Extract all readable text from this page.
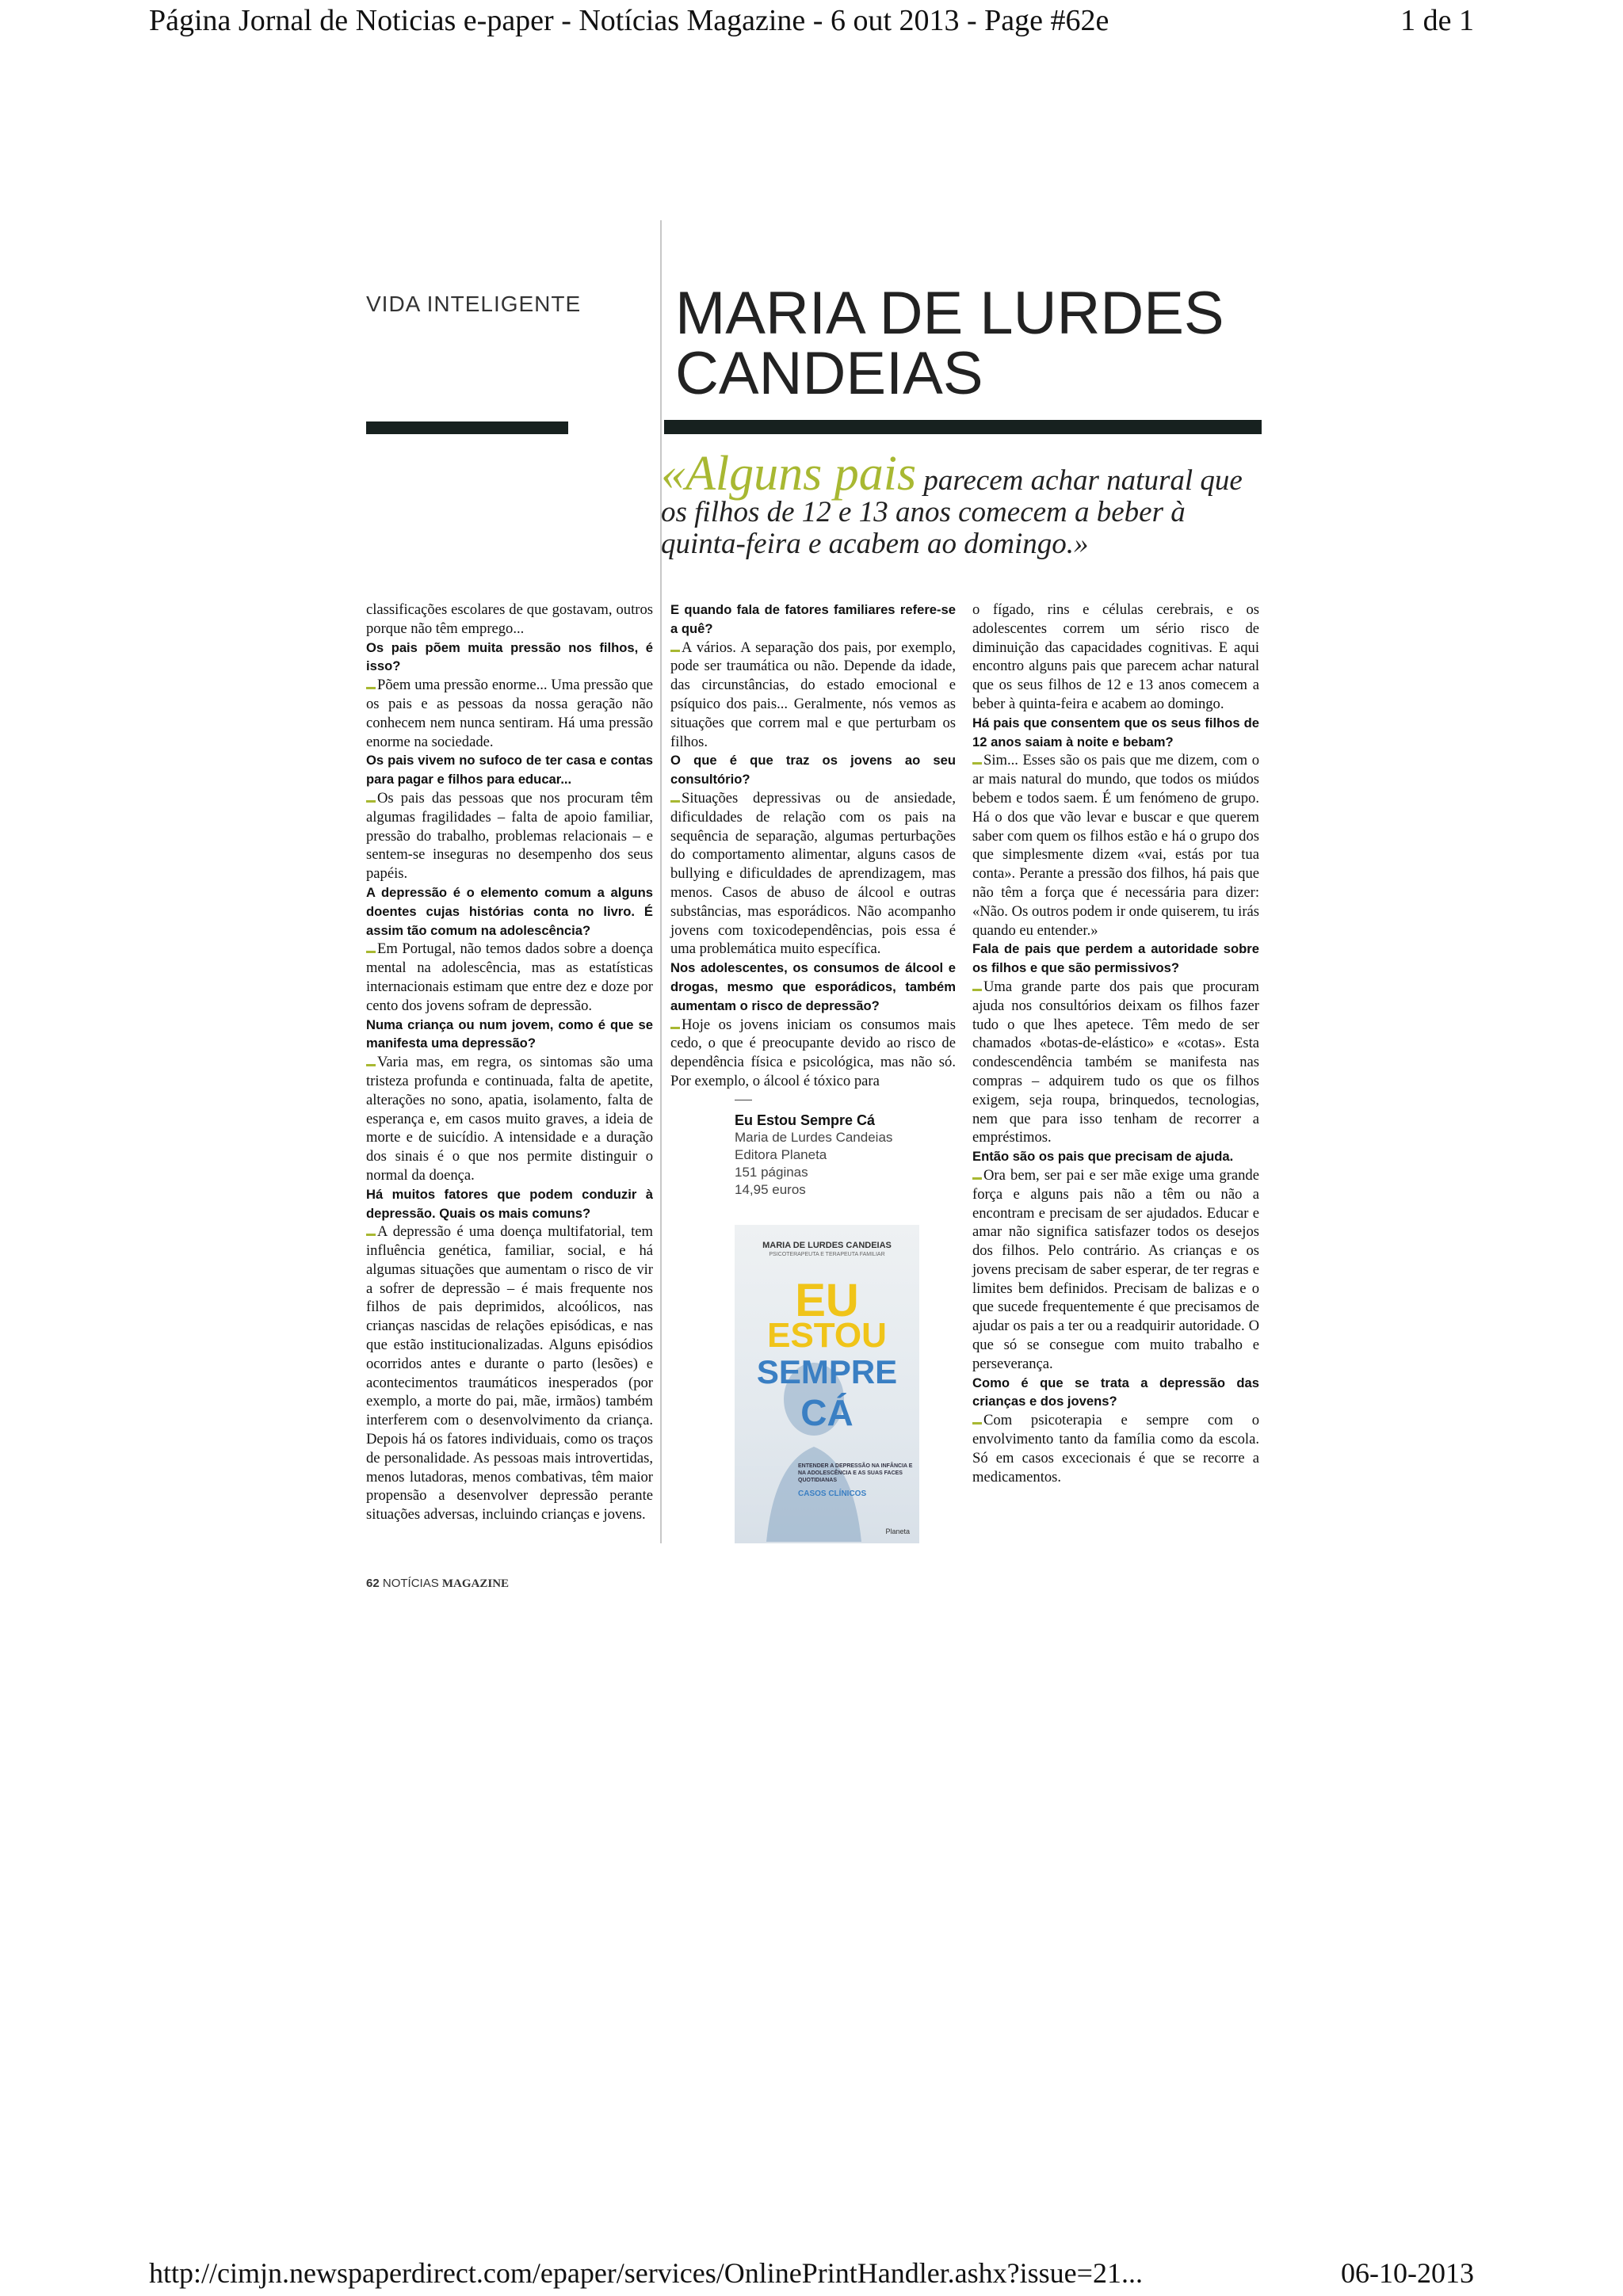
Página Jornal de Noticias e-paper - Notícias Magazine - 6 out 2013 - Page #62e	1 de 1
VIDA INTELIGENTE MARIA DE LURDES
CANDEIAS
«Alguns pais parecem achar natural que os filhos de 12 e 13 anos comecem a beber à quinta-feira e acabem ao domingo.»

classificações escolares de que gostavam, outros porque não têm emprego...

Os pais põem muita pressão nos filhos, é isso?

Põem uma pressão enorme... Uma pressão que os pais e as pessoas da nossa geração não conhecem nem nunca sentiram. Há uma pressão enorme na sociedade.

Os pais vivem no sufoco de ter casa e contas para pagar e filhos para educar...

Os pais das pessoas que nos procuram têm algumas fragilidades – falta de apoio familiar, pressão do trabalho, problemas relacionais – e sentem-se inseguras no desempenho dos seus papéis.

A depressão é o elemento comum a alguns doentes cujas histórias conta no livro. É assim tão comum na adolescência?

Em Portugal, não temos dados sobre a doença mental na adolescência, mas as estatísticas internacionais estimam que entre dez e doze por cento dos jovens sofram de depressão.

Numa criança ou num jovem, como é que se manifesta uma depressão?

Varia mas, em regra, os sintomas são uma tristeza profunda e continuada, falta de apetite, alterações no sono, apatia, isolamento, falta de esperança e, em casos muito graves, a ideia de morte e de suicídio. A intensidade e a duração dos sinais é o que nos permite distinguir o normal da doença.

Há muitos fatores que podem conduzir à depressão. Quais os mais comuns?

A depressão é uma doença multifatorial, tem influência genética, familiar, social, e há algumas situações que aumentam o risco de vir a sofrer de depressão – é mais frequente nos filhos de pais deprimidos, alcoólicos, nas crianças nascidas de relações episódicas, e nas que estão institucionalizadas. Alguns episódios ocorridos antes e durante o parto (lesões) e acontecimentos traumáticos inesperados (por exemplo, a morte do pai, mãe, irmãos) também interferem com o desenvolvimento da criança. Depois há os fatores individuais, como os traços de personalidade. As pessoas mais introvertidas, menos lutadoras, menos combativas, têm maior propensão a desenvolver depressão perante situações adversas, incluindo crianças e jovens.

E quando fala de fatores familiares refere-se a quê?

A vários. A separação dos pais, por exemplo, pode ser traumática ou não. Depende da idade, das circunstâncias, do estado emocional e psíquico dos pais... Geralmente, nós vemos as situações que correm mal e que perturbam os filhos.

O que é que traz os jovens ao seu consultório?

Situações depressivas ou de ansiedade, dificuldades de relação com os pais na sequência de separação, algumas perturbações do comportamento alimentar, alguns casos de bullying e dificuldades de aprendizagem, mas menos. Casos de abuso de álcool e outras substâncias, mas esporádicos. Não acompanho jovens com toxicodependências, pois essa é uma problemática muito específica.

Nos adolescentes, os consumos de álcool e drogas, mesmo que esporádicos, também aumentam o risco de depressão?

Hoje os jovens iniciam os consumos mais cedo, o que é preocupante devido ao risco de dependência física e psicológica, mas não só. Por exemplo, o álcool é tóxico para

o fígado, rins e células cerebrais, e os adolescentes correm um sério risco de diminuição das capacidades cognitivas. E aqui encontro alguns pais que parecem achar natural que os seus filhos de 12 e 13 anos comecem a beber à quinta-feira e acabem ao domingo.

Há pais que consentem que os seus filhos de 12 anos saiam à noite e bebam?

Sim... Esses são os pais que me dizem, com o ar mais natural do mundo, que todos os miúdos bebem e todos saem. É um fenómeno de grupo. Há o dos que vão levar e buscar e que querem saber com quem os filhos estão e há o grupo dos que simplesmente dizem «vai, estás por tua conta». Perante a pressão dos filhos, há pais que não têm a força que é necessária para dizer: «Não. Os outros podem ir onde quiserem, tu irás quando eu entender.»

Fala de pais que perdem a autoridade sobre os filhos e que são permissivos?

Uma grande parte dos pais que procuram ajuda nos consultórios deixam os filhos fazer tudo o que lhes apetece. Têm medo de ser chamados «botas-de-elástico» e «cotas». Esta condescendência também se manifesta nas compras – adquirem tudo os que os filhos exigem, seja roupa, brinquedos, tecnologias, nem que para isso tenham de recorrer a empréstimos.

Então são os pais que precisam de ajuda.

Ora bem, ser pai e ser mãe exige uma grande força e alguns pais não a têm ou não a encontram e precisam de ser ajudados. Educar e amar não significa satisfazer todos os desejos dos filhos. Pelo contrário. As crianças e os jovens precisam de saber esperar, de ter regras e limites bem definidos. Precisam de balizas e o que sucede frequentemente é que precisamos de ajudar os pais a ter ou a readquirir autoridade. O que só se consegue com muito trabalho e perseverança.

Como é que se trata a depressão das crianças e dos jovens?

Com psicoterapia e sempre com o envolvimento tanto da família como da escola. Só em casos excecionais é que se recorre a medicamentos.

Eu Estou Sempre Cá
Maria de Lurdes Candeias
Editora Planeta
151 páginas
14,95 euros
MARIA DE LURDES CANDEIAS
PSICOTERAPEUTA E TERAPEUTA FAMILIAR
EU
ESTOU
SEMPRE
CÁ
ENTENDER A DEPRESSÃO NA INFÂNCIA E NA ADOLESCÊNCIA E AS SUAS FACES QUOTIDIANAS
CASOS CLÍNICOS
Planeta
62 NOTÍCIAS MAGAZINE
http://cimjn.newspaperdirect.com/epaper/services/OnlinePrintHandler.ashx?issue=21...	06-10-2013
